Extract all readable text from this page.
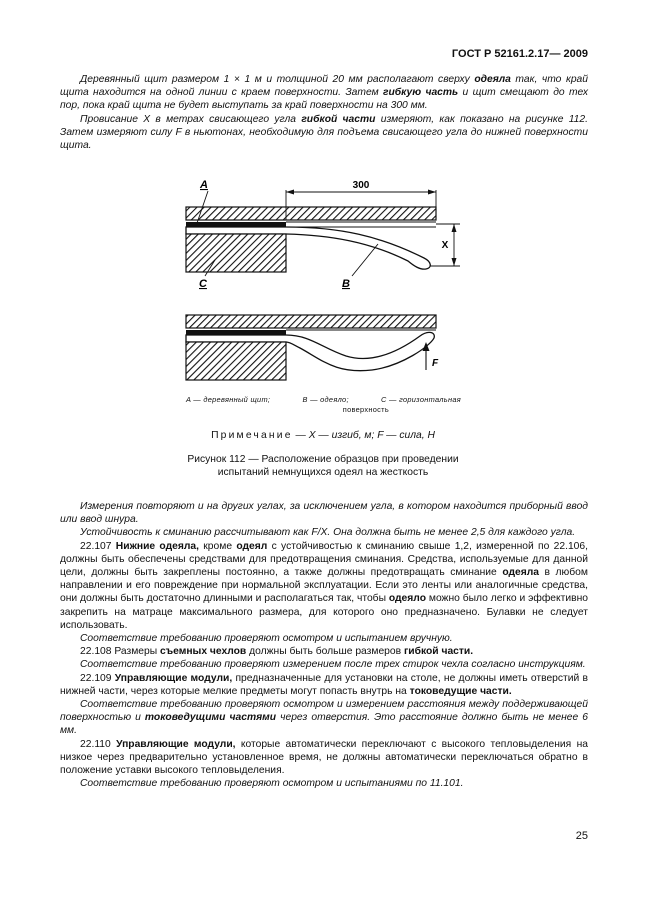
ГОСТ Р 52161.2.17— 2009

Деревянный щит размером 1 × 1 м и толщиной 20 мм располагают сверху одеяла так, что край щита находится на одной линии с краем поверхности. Затем гибкую часть и щит смещают до тех пор, пока край щита не будет выступать за край поверхности на 300 мм.

Провисание X в метрах свисающего угла гибкой части измеряют, как показано на рисунке 112. Затем измеряют силу F в ньютонах, необходимую для подъема свисающего угла до нижней поверхности щита.

300
X
A
C	B
F
A — деревянный щит;	B — одеяло;	C — горизонтальная
поверхность
Примечание — X — изгиб, м; F — сила, Н
Рисунок 112 — Расположение образцов при проведении
испытаний немнущихся одеял на жесткость

Измерения повторяют и на других углах, за исключением угла, в котором находится приборный ввод или ввод шнура.

Устойчивость к сминанию рассчитывают как F/X. Она должна быть не менее 2,5 для каждого угла.

22.107 Нижние одеяла, кроме одеял с устойчивостью к сминанию свыше 1,2, измеренной по 22.106, должны быть обеспечены средствами для предотвращения сминания. Средства, используемые для данной цели, должны быть закреплены постоянно, а также должны предотвращать сминание одеяла в любом направлении и его повреждение при нормальной эксплуатации. Если это ленты или аналогичные средства, они должны быть достаточно длинными и располагаться так, чтобы одеяло можно было легко и эффективно закрепить на матраце максимального размера, для которого оно предназначено. Булавки не следует использовать.

Соответствие требованию проверяют осмотром и испытанием вручную.

22.108 Размеры съемных чехлов должны быть больше размеров гибкой части.

Соответствие требованию проверяют измерением после трех стирок чехла согласно инструкциям.

22.109 Управляющие модули, предназначенные для установки на столе, не должны иметь отверстий в нижней части, через которые мелкие предметы могут попасть внутрь на токоведущие части.

Соответствие требованию проверяют осмотром и измерением расстояния между поддерживающей поверхностью и токоведущими частями через отверстия. Это расстояние должно быть не менее 6 мм.

22.110 Управляющие модули, которые автоматически переключают с высокого тепловыделения на низкое через предварительно установленное время, не должны автоматически переключаться обратно в положение уставки высокого тепловыделения.

Соответствие требованию проверяют осмотром и испытаниями по 11.101.

25
